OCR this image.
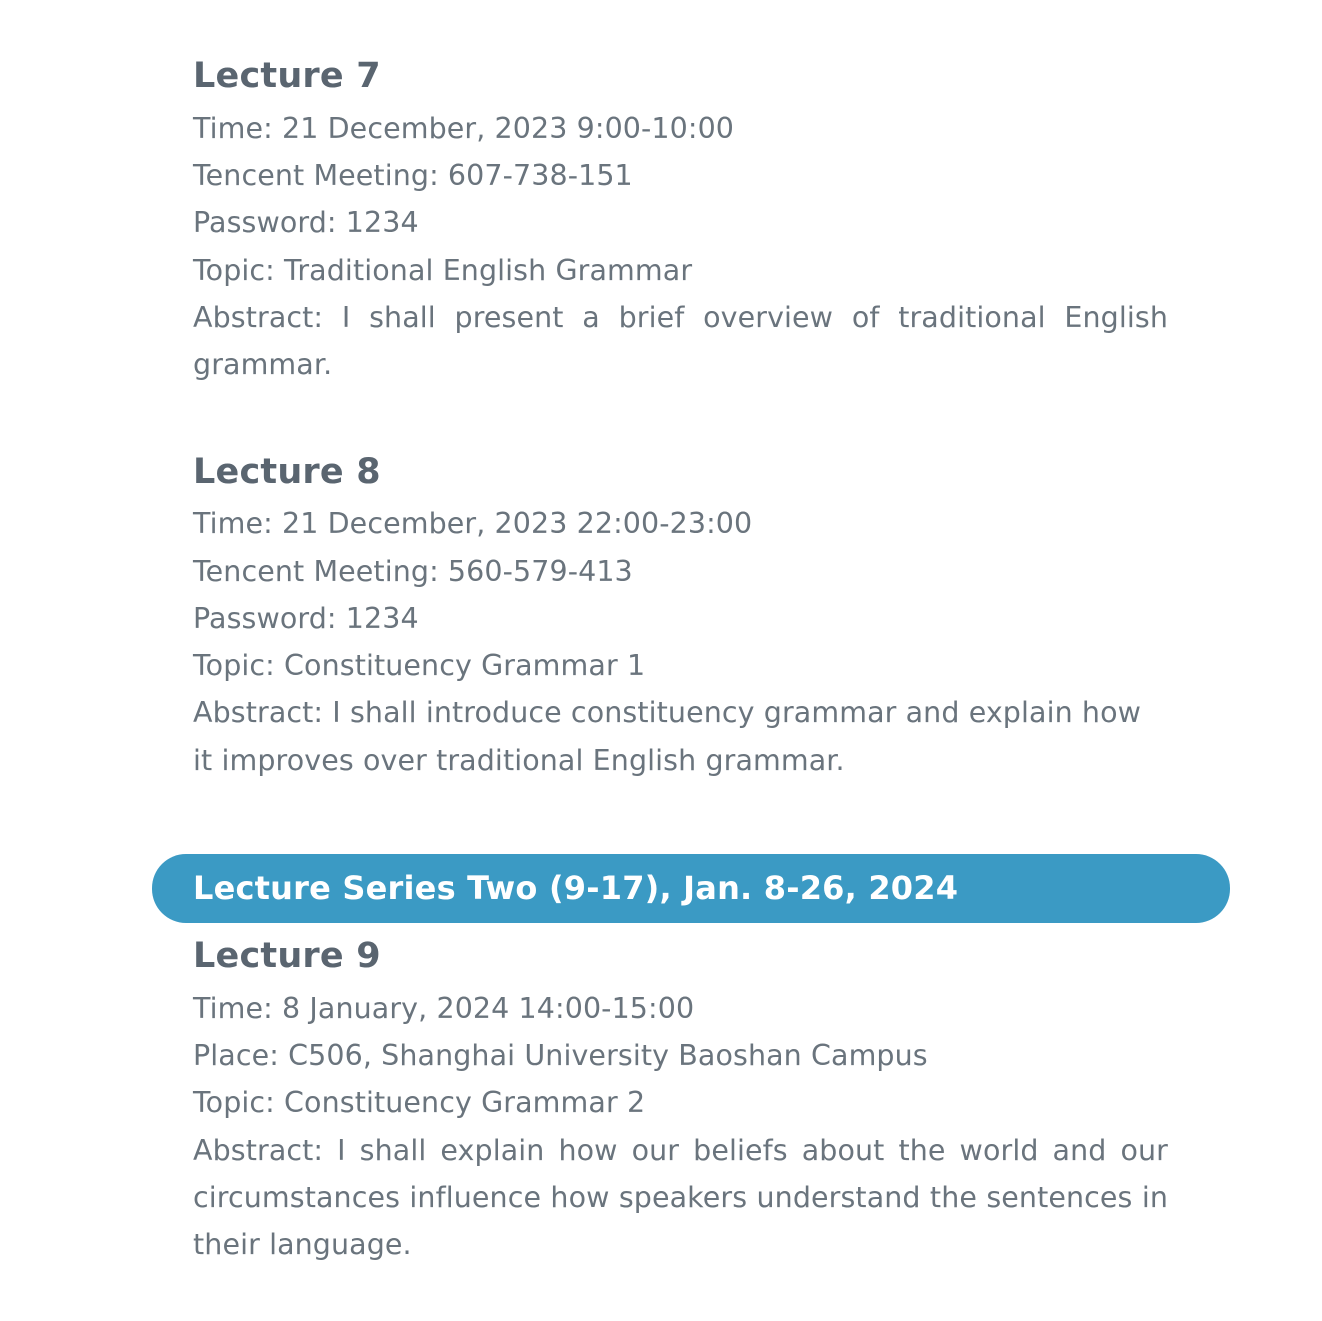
Lecture 7
Time: 21 December, 2023 9:00-10:00
Tencent Meeting: 607-738-151
Password: 1234
Topic: Traditional English Grammar
Abstract: I shall present a brief overview of traditional English grammar.
Lecture 8
Time: 21 December, 2023 22:00-23:00
Tencent Meeting: 560-579-413
Password: 1234
Topic: Constituency Grammar 1
Abstract: I shall introduce constituency grammar and explain how it improves over traditional English grammar.
Lecture Series Two (9-17), Jan. 8-26, 2024
Lecture 9
Time: 8 January, 2024 14:00-15:00
Place: C506, Shanghai University Baoshan Campus
Topic: Constituency Grammar 2
Abstract: I shall explain how our beliefs about the world and our circumstances influence how speakers understand the sentences in their language.
